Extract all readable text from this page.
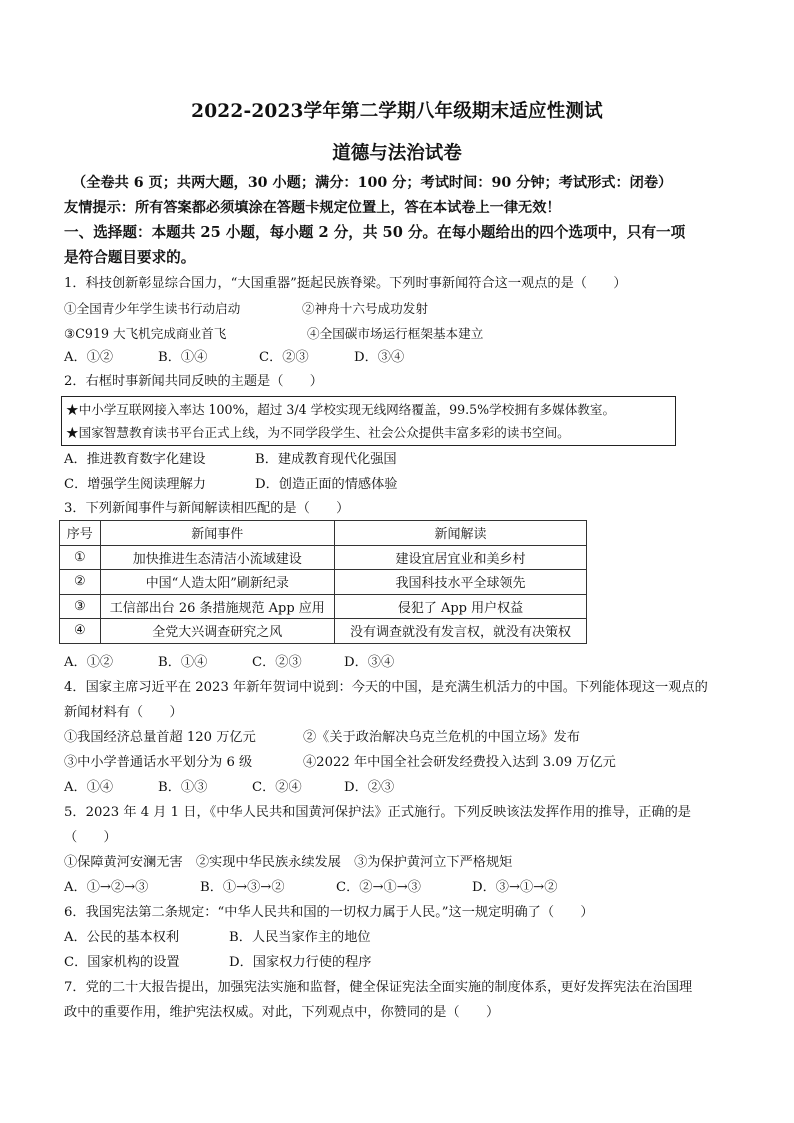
2022-2023学年第二学期八年级期末适应性测试
道德与法治试卷
（全卷共 6 页；共两大题，30 小题；满分：100 分；考试时间：90 分钟；考试形式：闭卷）
友情提示：所有答案都必须填涂在答题卡规定位置上，答在本试卷上一律无效！
一、选择题：本题共 25 小题，每小题 2 分，共 50 分。在每小题给出的四个选项中，只有一项
是符合题目要求的。
1．科技创新彰显综合国力，“大国重器”挺起民族脊梁。下列时事新闻符合这一观点的是（　　）
①全国青少年学生读书行动启动	②神舟十六号成功发射
③C919 大飞机完成商业首飞	④全国碳市场运行框架基本建立
A．①②	B．①④	C．②③	D．③④
2．右框时事新闻共同反映的主题是（　　）
★中小学互联网接入率达 100%，超过 3/4 学校实现无线网络覆盖，99.5%学校拥有多媒体教室。
★国家智慧教育读书平台正式上线，为不同学段学生、社会公众提供丰富多彩的读书空间。
A．推进教育数字化建设	B．建成教育现代化强国
C．增强学生阅读理解力	D．创造正面的情感体验
3．下列新闻事件与新闻解读相匹配的是（　　）
序号	新闻事件	新闻解读
①	加快推进生态清洁小流域建设	建设宜居宜业和美乡村
②	中国“人造太阳”刷新纪录	我国科技水平全球领先
③	工信部出台 26 条措施规范 App 应用	侵犯了 App 用户权益
④	全党大兴调查研究之风	没有调查就没有发言权，就没有决策权
A．①②	B．①④	C．②③	D．③④
4．国家主席习近平在 2023 年新年贺词中说到：今天的中国，是充满生机活力的中国。下列能体现这一观点的
新闻材料有（　　）
①我国经济总量首超 120 万亿元	②《关于政治解决乌克兰危机的中国立场》发布
③中小学普通话水平划分为 6 级	④2022 年中国全社会研发经费投入达到 3.09 万亿元
A．①④	B．①③	C．②④	D．②③
5．2023 年 4 月 1 日，《中华人民共和国黄河保护法》正式施行。下列反映该法发挥作用的推导，正确的是
（　　）
①保障黄河安澜无害　②实现中华民族永续发展　③为保护黄河立下严格规矩
A．①→②→③	B．①→③→②	C．②→①→③	D．③→①→②
6．我国宪法第二条规定：“中华人民共和国的一切权力属于人民。”这一规定明确了（　　）
A．公民的基本权利	B．人民当家作主的地位
C．国家机构的设置	D．国家权力行使的程序
7．党的二十大报告提出，加强宪法实施和监督，健全保证宪法全面实施的制度体系，更好发挥宪法在治国理
政中的重要作用，维护宪法权威。对此，下列观点中，你赞同的是（　　）
